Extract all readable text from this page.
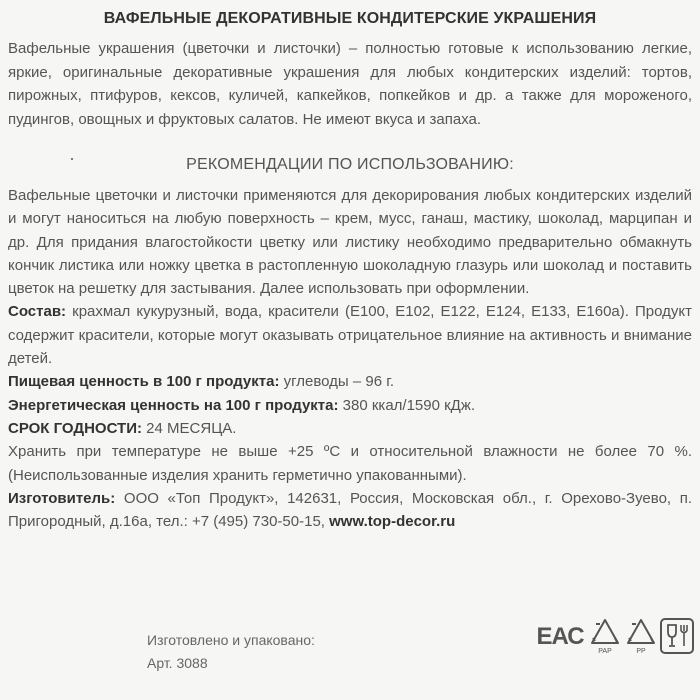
ВАФЕЛЬНЫЕ ДЕКОРАТИВНЫЕ КОНДИТЕРСКИЕ УКРАШЕНИЯ
Вафельные украшения (цветочки и листочки) – полностью готовые к использованию легкие, яркие, оригинальные декоративные украшения для любых кондитерских изделий: тортов, пирожных, птифуров, кексов, куличей, капкейков, попкейков и др. а также для мороженого, пудингов, овощных и фруктовых салатов. Не имеют вкуса и запаха.
РЕКОМЕНДАЦИИ ПО ИСПОЛЬЗОВАНИЮ:

Вафельные цветочки и листочки применяются для декорирования любых кондитерских изделий и могут наноситься на любую поверхность – крем, мусс, ганаш, мастику, шоколад, марципан и др. Для придания влагостойкости цветку или листику необходимо предварительно обмакнуть кончик листика или ножку цветка в растопленную шоколадную глазурь или шоколад и поставить цветок на решетку для застывания. Далее использовать при оформлении.

Состав: крахмал кукурузный, вода, красители (Е100, Е102, Е122, Е124, Е133, Е160а). Продукт содержит красители, которые могут оказывать отрицательное влияние на активность и внимание детей.

Пищевая ценность в 100 г продукта: углеводы – 96 г.

Энергетическая ценность на 100 г продукта: 380 ккал/1590 кДж.

СРОК ГОДНОСТИ: 24 МЕСЯЦА.

Хранить при температуре не выше +25 ºС и относительной влажности не более 70 %. (Неиспользованные изделия хранить герметично упакованными).

Изготовитель: ООО «Топ Продукт», 142631, Россия, Московская обл., г. Орехово-Зуево, п. Пригородный, д.16а, тел.: +7 (495) 730-50-15, www.top-decor.ru

Изготовлено и упаковано:
Арт. 3088
ЕАС
PAP	PP
